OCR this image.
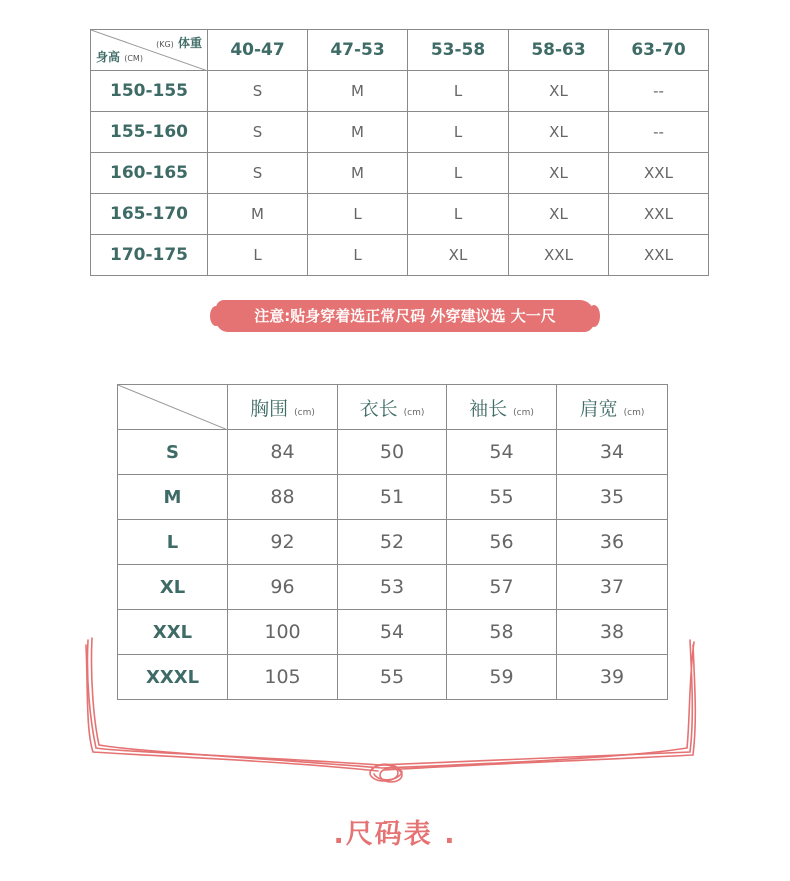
(KG) 体重
身高 (CM)	40-47	47-53	53-58	58-63	63-70
150-155	S	M	L	XL	--
155-160	S	M	L	XL	--
160-165	S	M	L	XL	XXL
165-170	M	L	L	XL	XXL
170-175	L	L	XL	XXL	XXL
注意:贴身穿着选正常尺码 外穿建议选 大一尺
	胸围 (cm)	衣长 (cm)	袖长 (cm)	肩宽 (cm)
S	84	50	54	34
M	88	51	55	35
L	92	52	56	36
XL	96	53	57	37
XXL	100	54	58	38
XXXL	105	55	59	39
.尺码表 .
